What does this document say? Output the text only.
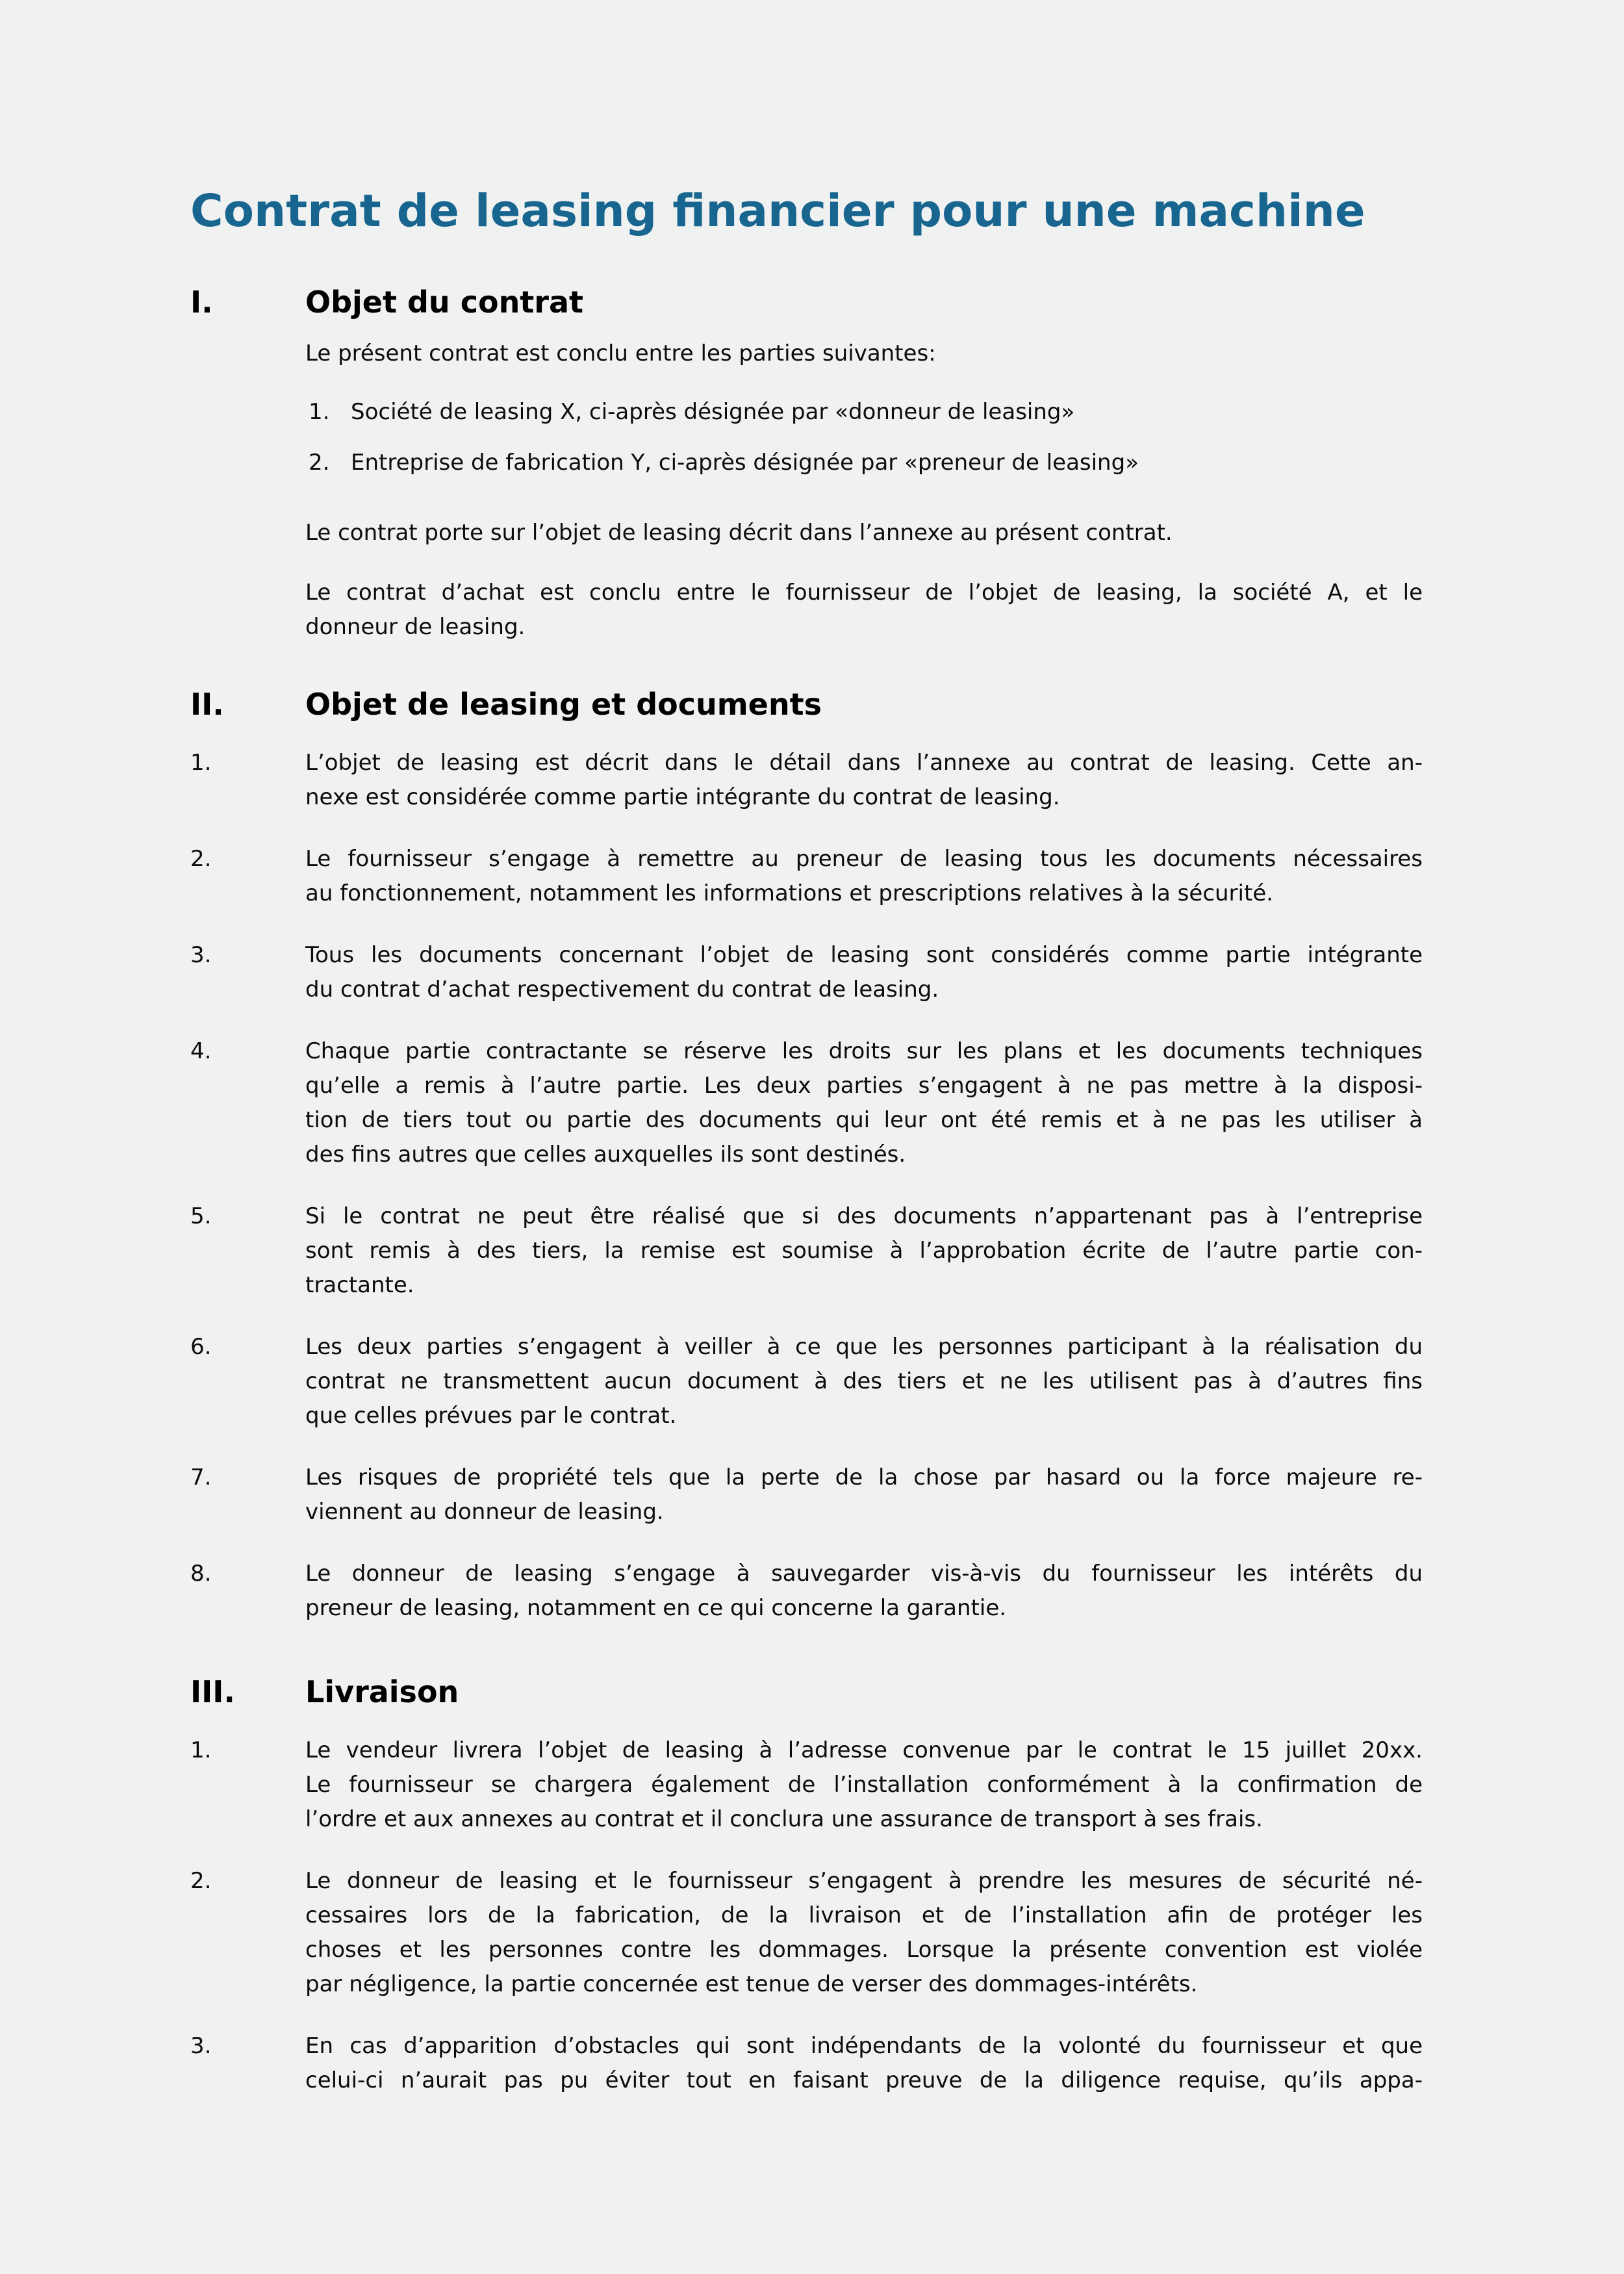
Contrat de leasing financier pour une machine
I.	Objet du contrat
Le présent contrat est conclu entre les parties suivantes:
1. Société de leasing X, ci-après désignée par «donneur de leasing»
2. Entreprise de fabrication Y, ci-après désignée par «preneur de leasing»
Le contrat porte sur l’objet de leasing décrit dans l’annexe au présent contrat.
Le contrat d’achat est conclu entre le fournisseur de l’objet de leasing, la société A, et le
donneur de leasing.
II.	Objet de leasing et documents
1.	L’objet de leasing est décrit dans le détail dans l’annexe au contrat de leasing. Cette an-
nexe est considérée comme partie intégrante du contrat de leasing.
2.	Le fournisseur s’engage à remettre au preneur de leasing tous les documents nécessaires
au fonctionnement, notamment les informations et prescriptions relatives à la sécurité.
3.	Tous les documents concernant l’objet de leasing sont considérés comme partie intégrante
du contrat d’achat respectivement du contrat de leasing.
4.	Chaque partie contractante se réserve les droits sur les plans et les documents techniques
qu’elle a remis à l’autre partie. Les deux parties s’engagent à ne pas mettre à la disposi-
tion de tiers tout ou partie des documents qui leur ont été remis et à ne pas les utiliser à
des fins autres que celles auxquelles ils sont destinés.
5.	Si le contrat ne peut être réalisé que si des documents n’appartenant pas à l’entreprise
sont remis à des tiers, la remise est soumise à l’approbation écrite de l’autre partie con-
tractante.
6.	Les deux parties s’engagent à veiller à ce que les personnes participant à la réalisation du
contrat ne transmettent aucun document à des tiers et ne les utilisent pas à d’autres fins
que celles prévues par le contrat.
7.	Les risques de propriété tels que la perte de la chose par hasard ou la force majeure re-
viennent au donneur de leasing.
8.	Le donneur de leasing s’engage à sauvegarder vis-à-vis du fournisseur les intérêts du
preneur de leasing, notamment en ce qui concerne la garantie.
III.	Livraison
1.	Le vendeur livrera l’objet de leasing à l’adresse convenue par le contrat le 15 juillet 20xx.
Le fournisseur se chargera également de l’installation conformément à la confirmation de
l’ordre et aux annexes au contrat et il conclura une assurance de transport à ses frais.
2.	Le donneur de leasing et le fournisseur s’engagent à prendre les mesures de sécurité né-
cessaires lors de la fabrication, de la livraison et de l’installation afin de protéger les
choses et les personnes contre les dommages. Lorsque la présente convention est violée
par négligence, la partie concernée est tenue de verser des dommages-intérêts.
3.	En cas d’apparition d’obstacles qui sont indépendants de la volonté du fournisseur et que
celui-ci n’aurait pas pu éviter tout en faisant preuve de la diligence requise, qu’ils appa-
